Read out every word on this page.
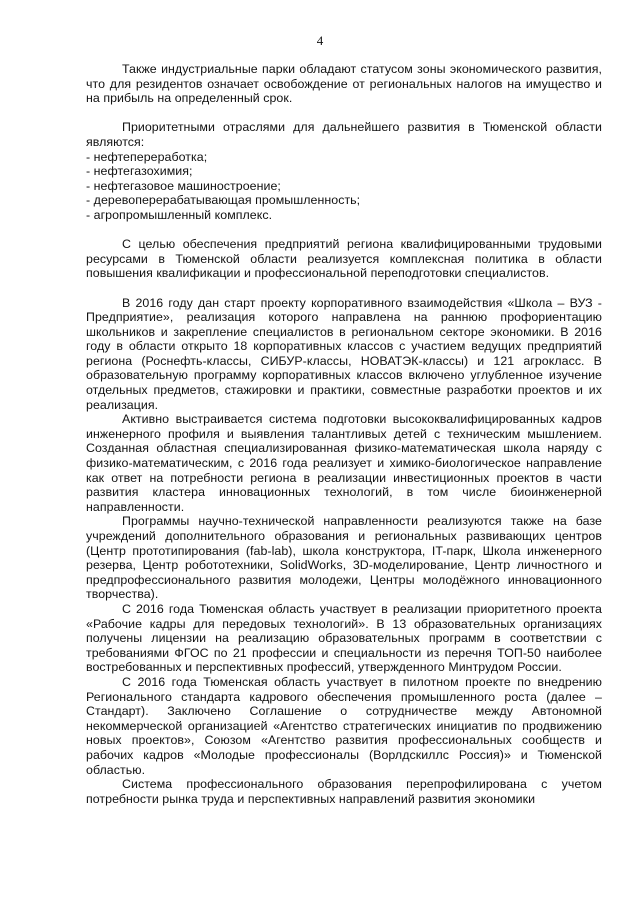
4

Также индустриальные парки обладают статусом зоны экономического развития, что для резидентов означает освобождение от региональных налогов на имущество и на прибыль на определенный срок.

Приоритетными отраслями для дальнейшего развития в Тюменской области являются:

- нефтепереработка;
- нефтегазохимия;
- нефтегазовое машиностроение;
- деревоперерабатывающая промышленность;
- агропромышленный комплекс.

С целью обеспечения предприятий региона квалифицированными трудовыми ресурсами в Тюменской области реализуется комплексная политика в области повышения квалификации и профессиональной переподготовки специалистов.

В 2016 году дан старт проекту корпоративного взаимодействия «Школа – ВУЗ - Предприятие», реализация которого направлена на раннюю профориентацию школьников и закрепление специалистов в региональном секторе экономики. В 2016 году в области открыто 18 корпоративных классов с участием ведущих предприятий региона (Роснефть-классы, СИБУР-классы, НОВАТЭК-классы) и 121 агрокласс. В образовательную программу корпоративных классов включено углубленное изучение отдельных предметов, стажировки и практики, совместные разработки проектов и их реализация.

Активно выстраивается система подготовки высококвалифицированных кадров инженерного профиля и выявления талантливых детей с техническим мышлением. Созданная областная специализированная физико-математическая школа наряду с физико-математическим, с 2016 года реализует и химико-биологическое направление как ответ на потребности региона в реализации инвестиционных проектов в части развития кластера инновационных технологий, в том числе биоинженерной направленности.

Программы научно-технической направленности реализуются также на базе учреждений дополнительного образования и региональных развивающих центров (Центр прототипирования (fab-lab), школа конструктора, IT-парк, Школа инженерного резерва, Центр робототехники, SolidWorks, 3D-моделирование, Центр личностного и предпрофессионального развития молодежи, Центры молодёжного инновационного творчества).

С 2016 года Тюменская область участвует в реализации приоритетного проекта «Рабочие кадры для передовых технологий». В 13 образовательных организациях получены лицензии на реализацию образовательных программ в соответствии с требованиями ФГОС по 21 профессии и специальности из перечня ТОП-50 наиболее востребованных и перспективных профессий, утвержденного Минтрудом России.

С 2016 года Тюменская область участвует в пилотном проекте по внедрению Регионального стандарта кадрового обеспечения промышленного роста (далее – Стандарт). Заключено Соглашение о сотрудничестве между Автономной некоммерческой организацией «Агентство стратегических инициатив по продвижению новых проектов», Союзом «Агентство развития профессиональных сообществ и рабочих кадров «Молодые профессионалы (Ворлдскиллс Россия)» и Тюменской областью.

Система профессионального образования перепрофилирована с учетом потребности рынка труда и перспективных направлений развития экономики
